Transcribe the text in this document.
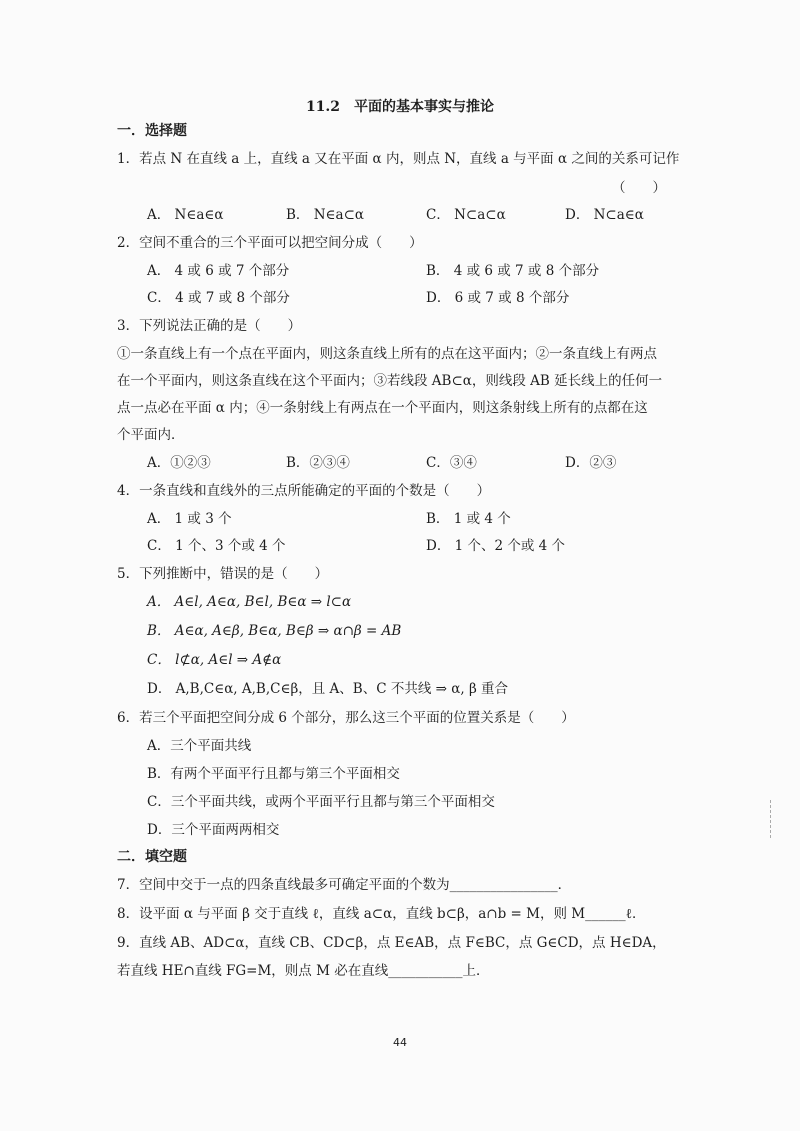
11.2　平面的基本事实与推论
一．选择题
1．若点 N 在直线 a 上，直线 a 又在平面 α 内，则点 N，直线 a 与平面 α 之间的关系可记作
（　　）
A． N∈a∈α	B． N∈a⊂α	C． N⊂a⊂α	D． N⊂a∈α
2．空间不重合的三个平面可以把空间分成（　　）
A． 4 或 6 或 7 个部分	B． 4 或 6 或 7 或 8 个部分
C． 4 或 7 或 8 个部分	D． 6 或 7 或 8 个部分
3．下列说法正确的是（　　）
①一条直线上有一个点在平面内，则这条直线上所有的点在这平面内；②一条直线上有两点
在一个平面内，则这条直线在这个平面内；③若线段 AB⊂α，则线段 AB 延长线上的任何一
点一点必在平面 α 内；④一条射线上有两点在一个平面内，则这条射线上所有的点都在这
个平面内．
A．①②③	B．②③④	C．③④	D．②③
4．一条直线和直线外的三点所能确定的平面的个数是（　　）
A． 1 或 3 个	B． 1 或 4 个
C． 1 个、3 个或 4 个	D． 1 个、2 个或 4 个
5．下列推断中，错误的是（　　）
A． A∈l, A∈α, B∈l, B∈α ⇒ l⊂α
B． A∈α, A∈β, B∈α, B∈β ⇒ α∩β = AB
C． l⊄α, A∈l ⇒ A∉α
D． A,B,C∈α, A,B,C∈β，且 A、B、C 不共线 ⇒ α, β 重合
6．若三个平面把空间分成 6 个部分，那么这三个平面的位置关系是（　　）
A．三个平面共线
B．有两个平面平行且都与第三个平面相交
C．三个平面共线，或两个平面平行且都与第三个平面相交
D．三个平面两两相交
二．填空题
7．空间中交于一点的四条直线最多可确定平面的个数为________________．
8．设平面 α 与平面 β 交于直线 ℓ，直线 a⊂α，直线 b⊂β，a∩b = M，则 M______ℓ．
9．直线 AB、AD⊂α，直线 CB、CD⊂β，点 E∈AB，点 F∈BC，点 G∈CD，点 H∈DA，
若直线 HE∩直线 FG=M，则点 M 必在直线___________上．
44
